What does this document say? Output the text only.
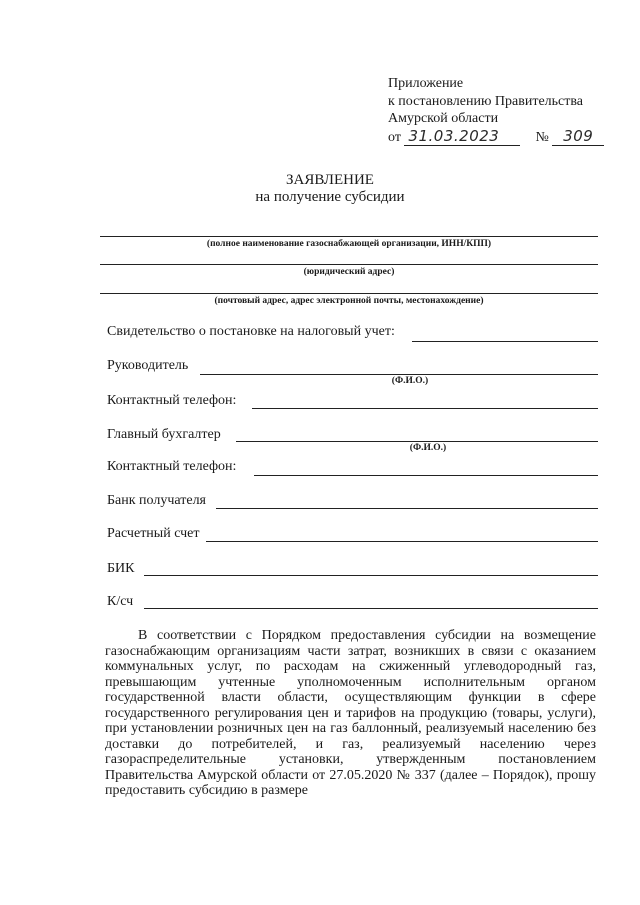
Приложение
к постановлению Правительства
Амурской области
от 31.03.2023	№ 309
ЗАЯВЛЕНИЕ
на получение субсидии
(полное наименование газоснабжающей организации, ИНН/КПП)
(юридический адрес)
(почтовый адрес, адрес электронной почты, местонахождение)
Свидетельство о постановке на налоговый учет:
Руководитель
(Ф.И.О.)
Контактный телефон:
Главный бухгалтер
(Ф.И.О.)
Контактный телефон:
Банк получателя
Расчетный счет
БИК
К/сч
В соответствии с Порядком предоставления субсидии на возмещение
газоснабжающим организациям части затрат, возникших в связи с оказанием
коммунальных услуг, по расходам на сжиженный углеводородный газ,
превышающим учтенные уполномоченным исполнительным органом
государственной власти области, осуществляющим функции в сфере
государственного регулирования цен и тарифов на продукцию (товары, услуги),
при установлении розничных цен на газ баллонный, реализуемый населению без
доставки до потребителей, и газ, реализуемый населению через
газораспределительные установки, утвержденным постановлением
Правительства Амурской области от 27.05.2020 № 337 (далее – Порядок), прошу
предоставить субсидию в размере
